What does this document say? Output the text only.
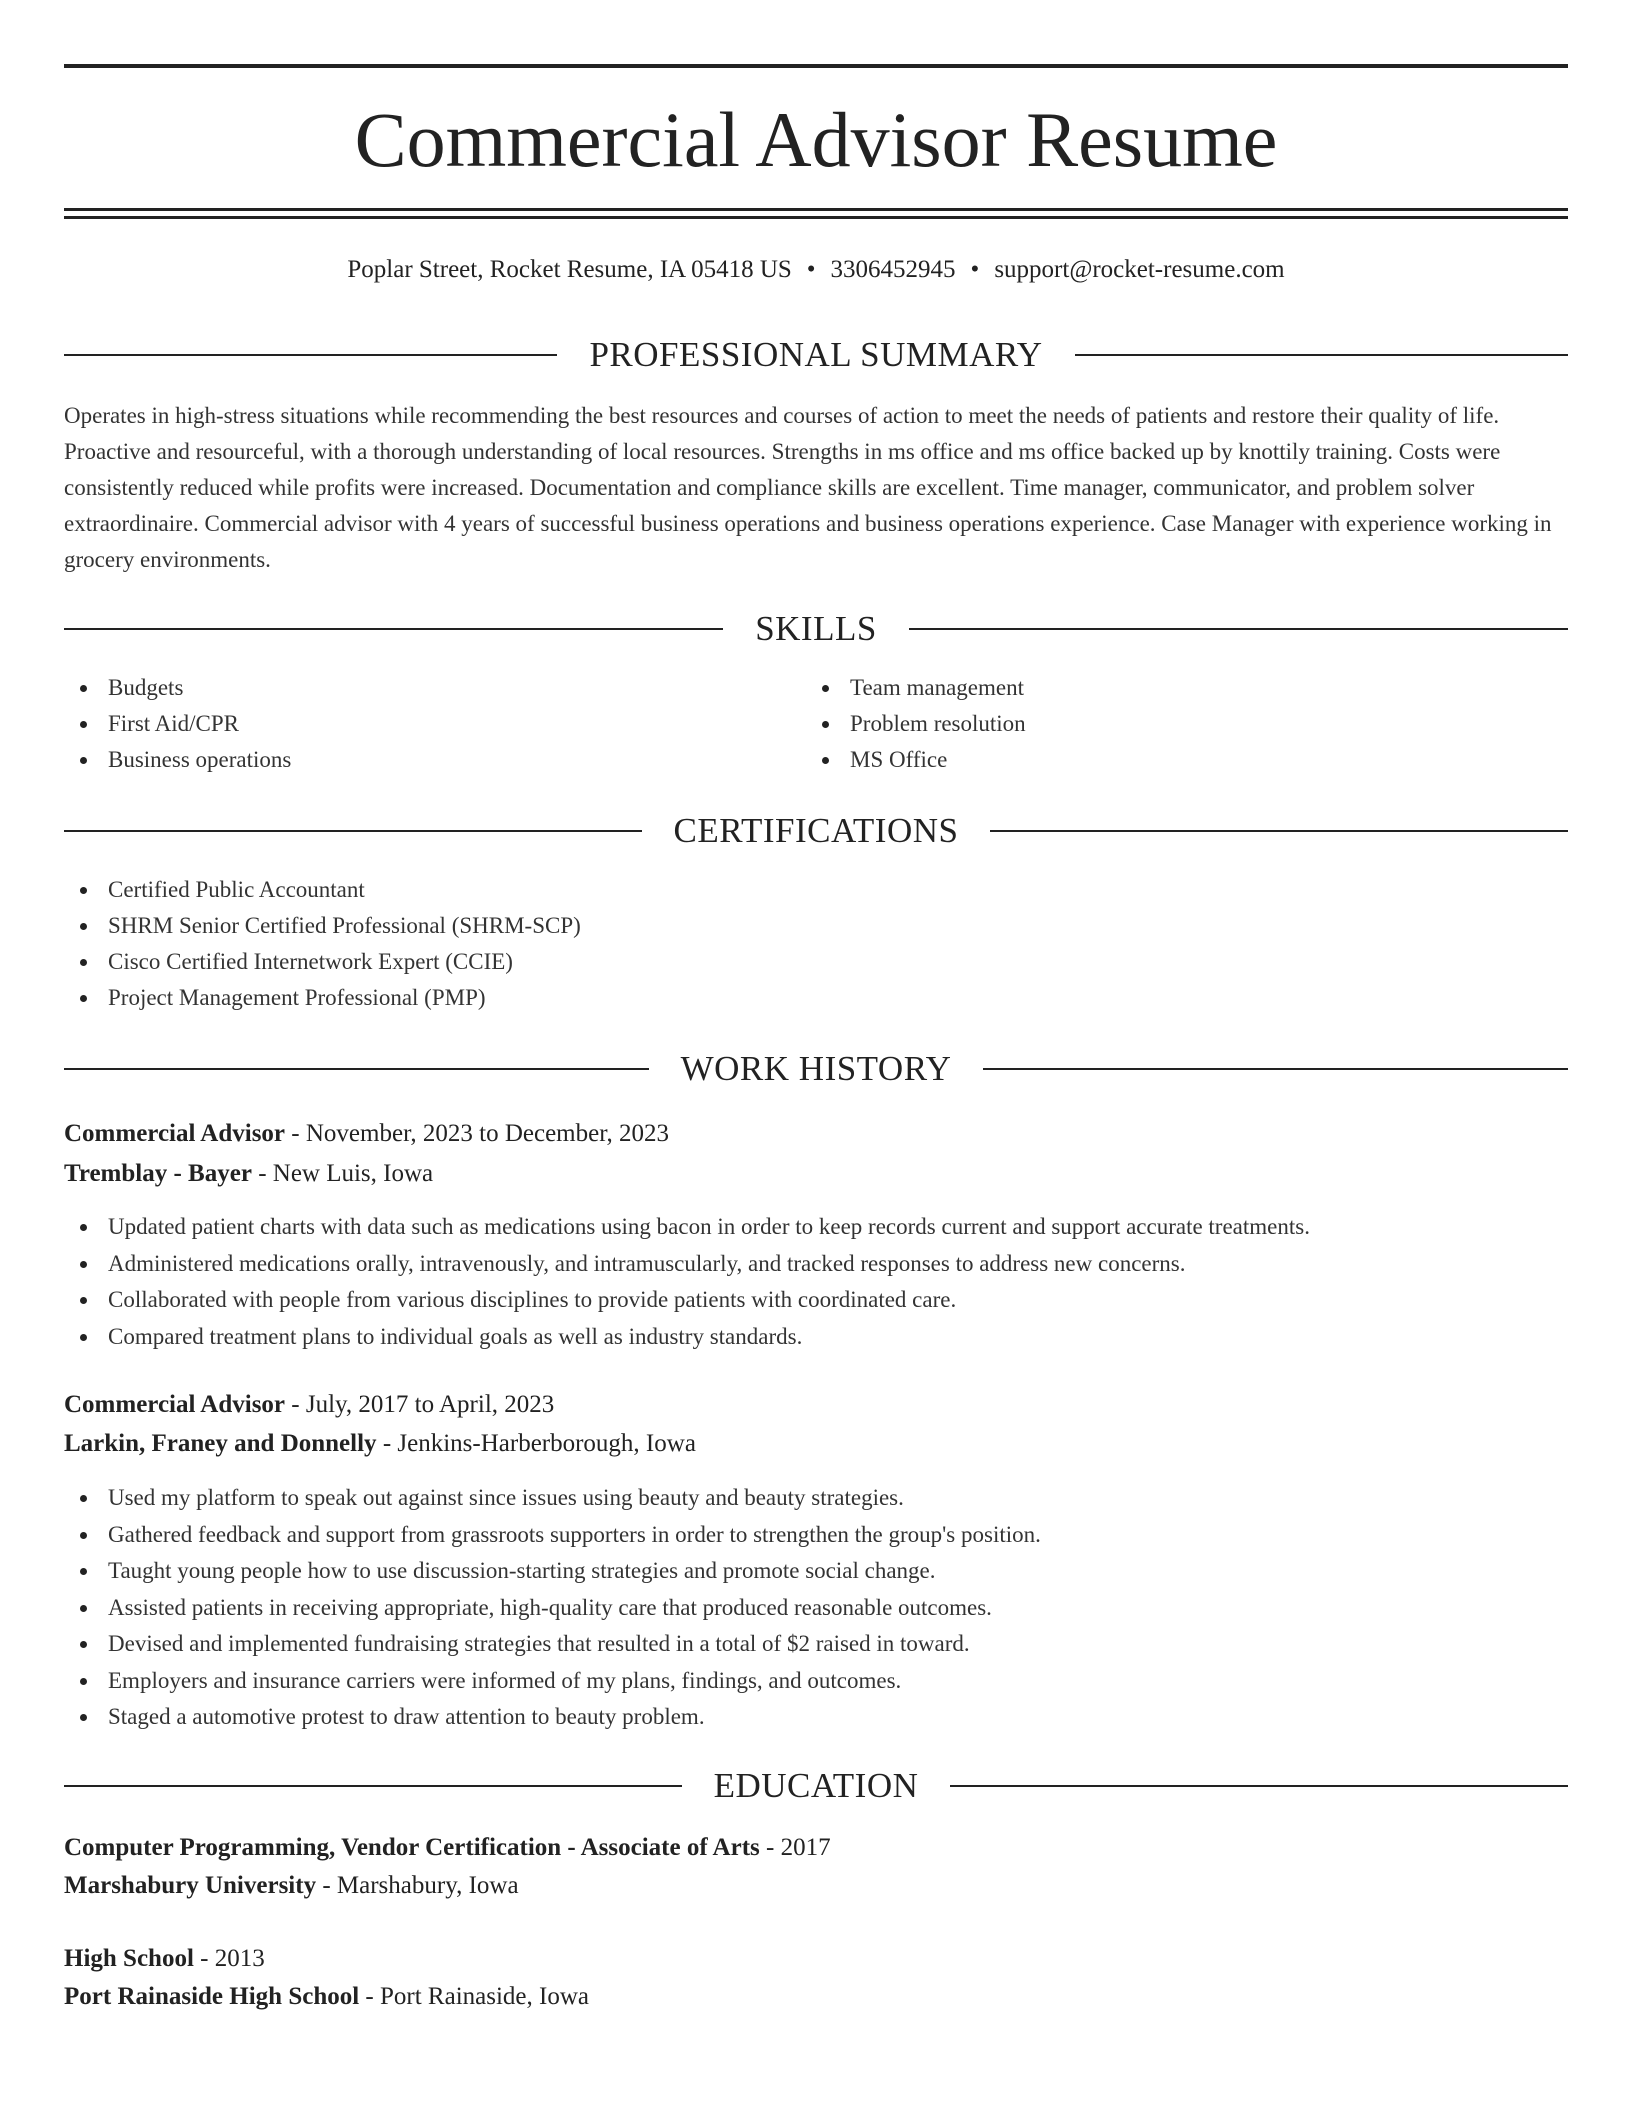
Commercial Advisor Resume
Poplar Street, Rocket Resume, IA 05418 US • 3306452945 • support@rocket-resume.com
PROFESSIONAL SUMMARY

Operates in high-stress situations while recommending the best resources and courses of action to meet the needs of patients and restore their quality of life. Proactive and resourceful, with a thorough understanding of local resources. Strengths in ms office and ms office backed up by knottily training. Costs were consistently reduced while profits were increased. Documentation and compliance skills are excellent. Time manager, communicator, and problem solver extraordinaire. Commercial advisor with 4 years of successful business operations and business operations experience. Case Manager with experience working in grocery environments.

SKILLS
Budgets
First Aid/CPR
Business operations
Team management
Problem resolution
MS Office
CERTIFICATIONS
Certified Public Accountant
SHRM Senior Certified Professional (SHRM-SCP)
Cisco Certified Internetwork Expert (CCIE)
Project Management Professional (PMP)
WORK HISTORY
Commercial Advisor - November, 2023 to December, 2023
Tremblay - Bayer - New Luis, Iowa
Updated patient charts with data such as medications using bacon in order to keep records current and support accurate treatments.
Administered medications orally, intravenously, and intramuscularly, and tracked responses to address new concerns.
Collaborated with people from various disciplines to provide patients with coordinated care.
Compared treatment plans to individual goals as well as industry standards.
Commercial Advisor - July, 2017 to April, 2023
Larkin, Franey and Donnelly - Jenkins-Harberborough, Iowa
Used my platform to speak out against since issues using beauty and beauty strategies.
Gathered feedback and support from grassroots supporters in order to strengthen the group's position.
Taught young people how to use discussion-starting strategies and promote social change.
Assisted patients in receiving appropriate, high-quality care that produced reasonable outcomes.
Devised and implemented fundraising strategies that resulted in a total of $2 raised in toward.
Employers and insurance carriers were informed of my plans, findings, and outcomes.
Staged a automotive protest to draw attention to beauty problem.
EDUCATION
Computer Programming, Vendor Certification - Associate of Arts - 2017
Marshabury University - Marshabury, Iowa
High School - 2013
Port Rainaside High School - Port Rainaside, Iowa
